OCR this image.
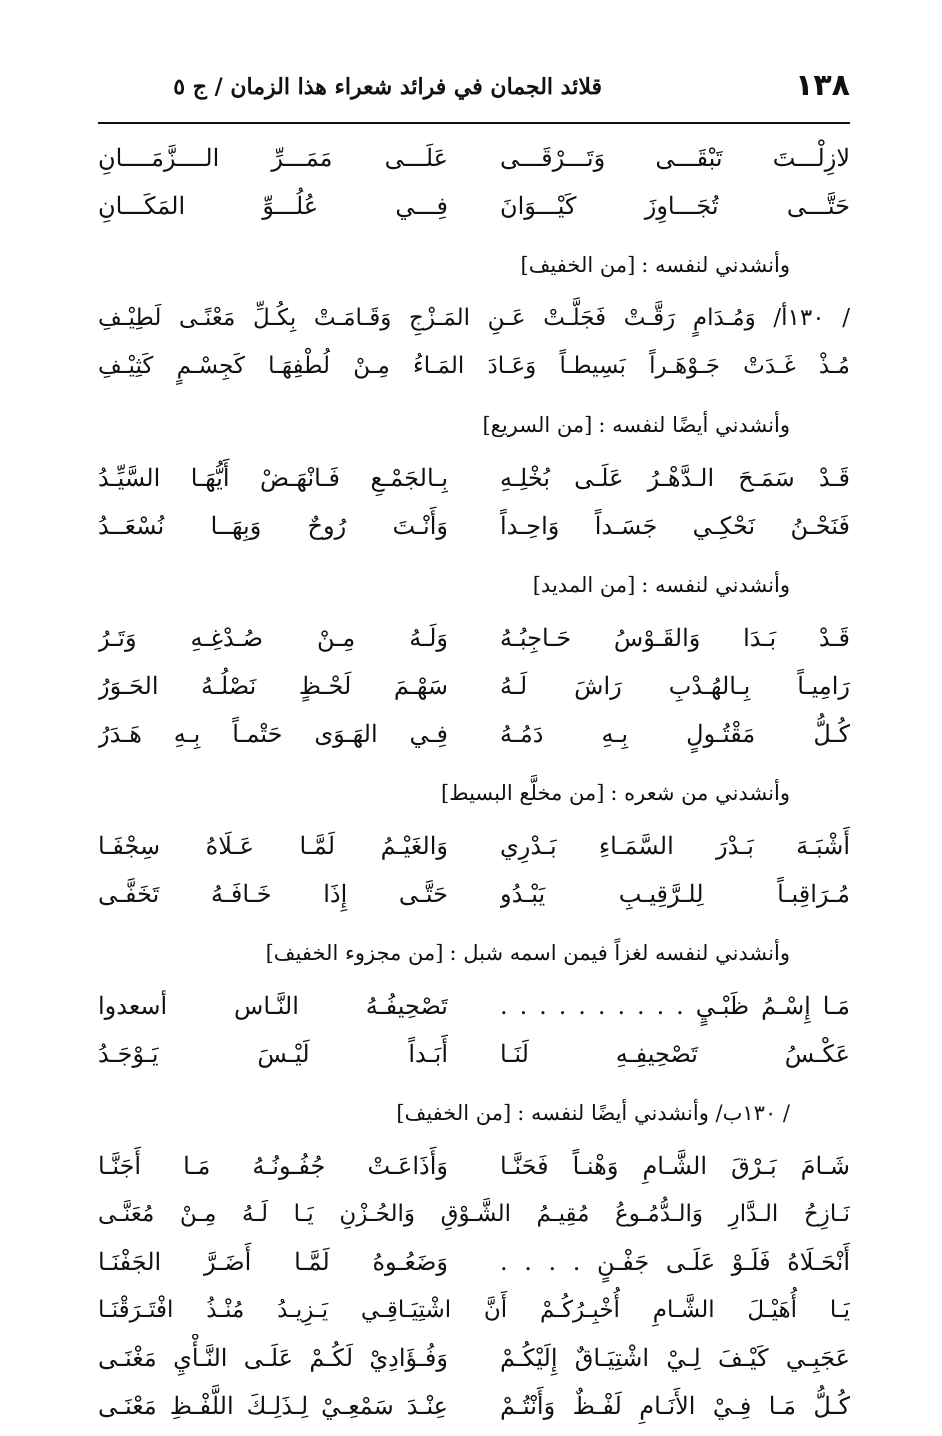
١٣٨
قلائد الجمان في فرائد شعراء هذا الزمان / ج ٥
لازِلْـــتَ تَبْقَـــى وَتَـــرْقَـــى
عَلَـــى مَمَـــرِّ الــــزَّمَــــانِ
حَتَّـــى تُجَـــاوِزَ كَيْـــوَانَ
فِـــي عُلُـــوِّ المَكَـــانِ
وأنشدني لنفسه :[من الخفيف]
/ ١٣٠أ/ وَمُـدَامٍ رَقَّـتْ فَجَلَّـتْ عَـنِ المَـزْجِ وَقَـامَـتْ بِكُـلِّ مَعْنًـى لَطِيْـفِ
مُـذْ غَـدَتْ جَـوْهَـراً بَسِيطـاً وَعَـادَ المَـاءُ مِـنْ لُطْفِهَـا كَجِسْـمٍ كَثِيْـفِ
وأنشدني أيضًا لنفسه :[من السريع]
قَـدْ سَمَـحَ الـدَّهْـرُ عَلَـى بُخْلِـهِ
بِـالجَمْـعِ فَـانْهَـضْ أَيُّهَـا السَّيِّـدُ
فَنَحْـنُ نَحْكِـي جَسَـداً وَاحِـداً
وَأَنْـتَ رُوحٌ وَبِهَــا نُسْعَــدُ
وأنشدني لنفسه :[من المديد]
قَـدْ بَـدَا وَالقَـوْسُ حَـاجِبُـهُ
وَلَـهُ مِـنْ صُـدْغِـهِ وَتَـرُ
رَامِيـاً بِـالهُـدْبِ رَاشَ لَـهُ
سَهْـمَ لَحْـظٍ نَصْلُـهُ الحَـوَرُ
كُـلُّ مَقْتُـولٍ بِـهِ دَمُـهُ
فِـي الهَـوَى حَتْمـاً بِـهِ هَـدَرُ
وأنشدني من شعره :[من مخلَّع البسيط]
أَشْبَـهَ بَـدْرَ السَّمَـاءِ بَـدْرِي
وَالغَيْـمُ لَمَّـا عَـلَاهُ سِجْفَـا
مُـرَاقِبـاً لِلـرَّقِيـبِ يَبْـدُو
حَتَّـى إِذَا خَـافَـهُ تَخَفَّـى
وأنشدني لنفسه لغزاً فيمن اسمه شبل :[من مجزوء الخفيف]
مَـا إِسْـمُ ظَبْـيٍ . . . . . . . . . .
تَصْحِيفُـهُ النَّـاس أسعدوا
عَكْـسُ تَصْحِيفِـهِ لَنَـا
أَبَـداً لَيْـسَ يَـوْجَـدُ
/ ١٣٠ب/ وأنشدني أيضًا لنفسه :[من الخفيف]
شَـامَ بَـرْقَ الشَّـامِ وَهْنـاً فَحَنَّـا
وَأَذَاعَـتْ جُفُـونُـهُ مَـا أَجَنَّـا
نَـازِحُ الـدَّارِ وَالـدُّمُـوعُ مُقِيـمُ الشَّـوْقِ وَالحُـزْنِ يَـا لَـهُ مِـنْ مُعَنَّـى
أَنْحَـلَاهُ فَلَـوْ عَلَـى جَفْـنٍ . . . .
وَضَعُـوهُ لَمَّـا أَضَـرَّ الجَفْنَـا
يَـا أُهَيْـلَ الشَّـامِ أُخْبِـرُكُـمْ أَنَّ اشْتِيَـاقِـي يَـزِيـدُ مُنْـذُ افْتَـرَقْنَـا
عَجَبِـي كَيْـفَ لِـيْ اشْتِيَـاقٌ إِلَيْكُـمْ
وَفُـؤَادِيْ لَكُـمْ عَلَـى النَّـأْيِ مَغْنَـى
كُـلُّ مَـا فِـيْ الأَنَـامِ لَفْـظٌ وَأَنْتُـمْ
عِنْـدَ سَمْعِـيْ لِـذَلِـكَ اللَّفْـظِ مَعْنَـى
